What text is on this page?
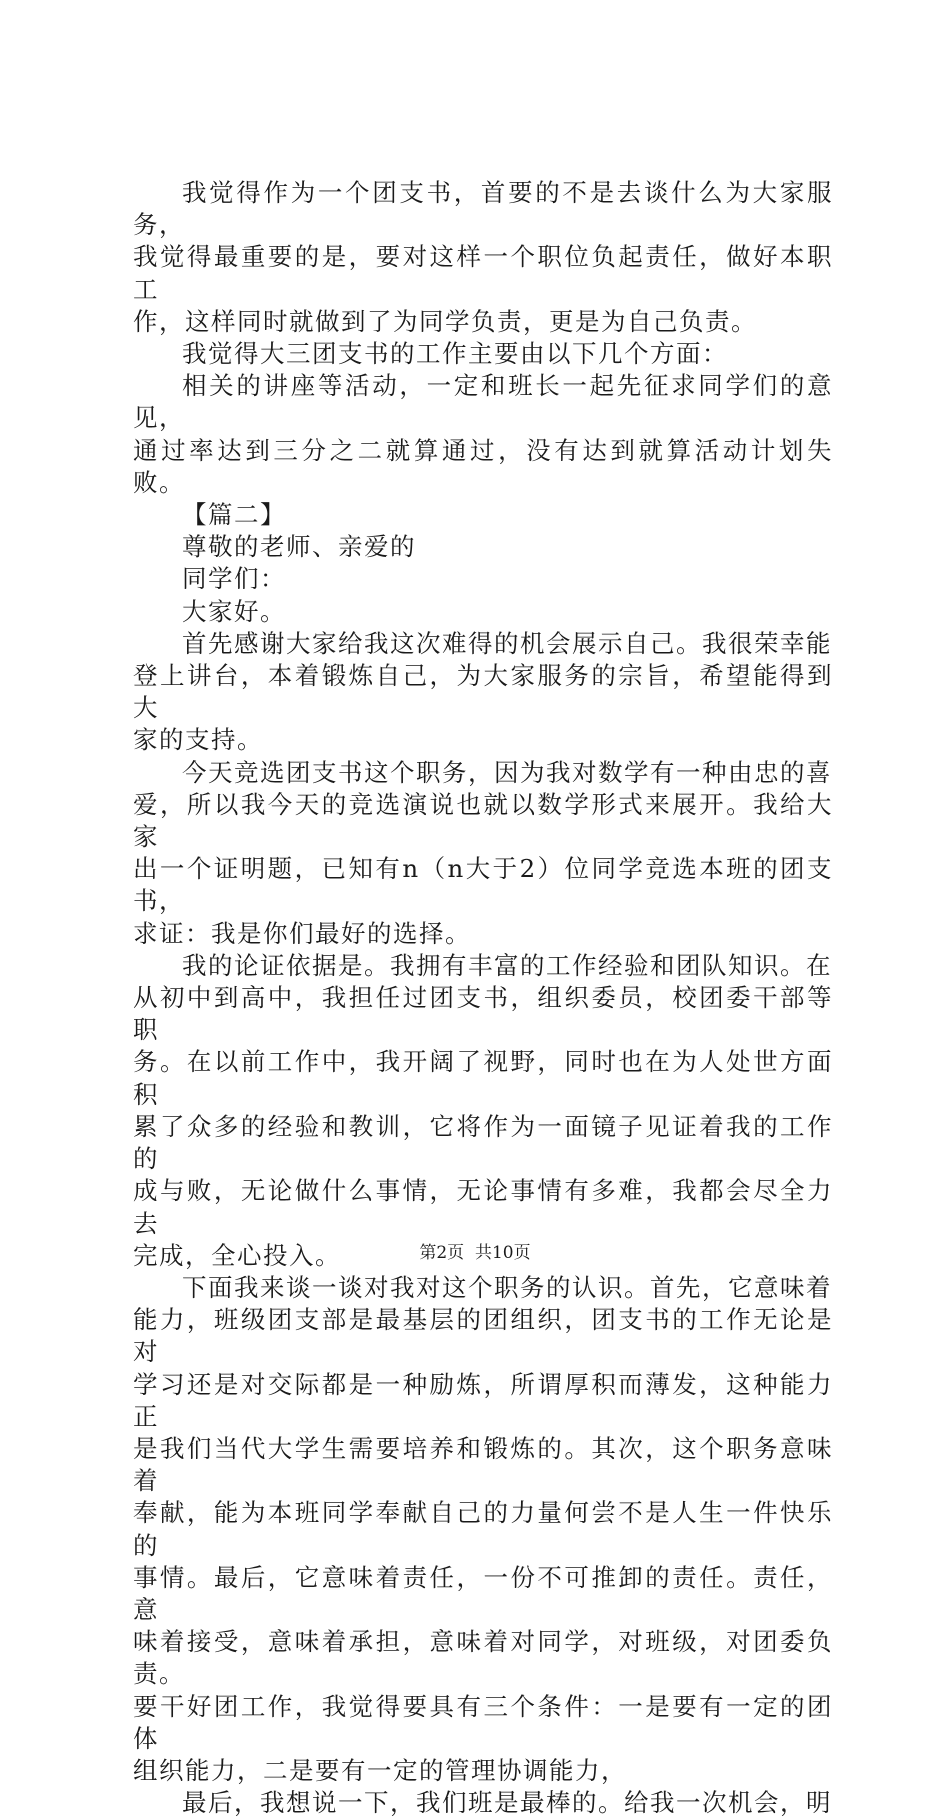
我觉得作为一个团支书，首要的不是去谈什么为大家服务，
我觉得最重要的是，要对这样一个职位负起责任，做好本职工
作，这样同时就做到了为同学负责，更是为自己负责。

我觉得大三团支书的工作主要由以下几个方面：

相关的讲座等活动，一定和班长一起先征求同学们的意见，
通过率达到三分之二就算通过，没有达到就算活动计划失败。

【篇二】

尊敬的老师、亲爱的

同学们：

大家好。

首先感谢大家给我这次难得的机会展示自己。我很荣幸能
登上讲台，本着锻炼自己，为大家服务的宗旨，希望能得到大
家的支持。

今天竞选团支书这个职务，因为我对数学有一种由忠的喜
爱，所以我今天的竞选演说也就以数学形式来展开。我给大家
出一个证明题，已知有n（n大于2）位同学竞选本班的团支书，
求证：我是你们最好的选择。

我的论证依据是。我拥有丰富的工作经验和团队知识。在
从初中到高中，我担任过团支书，组织委员，校团委干部等职
务。在以前工作中，我开阔了视野，同时也在为人处世方面积
累了众多的经验和教训，它将作为一面镜子见证着我的工作的
成与败，无论做什么事情，无论事情有多难，我都会尽全力去
完成，全心投入。

下面我来谈一谈对我对这个职务的认识。首先，它意味着
能力，班级团支部是最基层的团组织，团支书的工作无论是对
学习还是对交际都是一种励炼，所谓厚积而薄发，这种能力正
是我们当代大学生需要培养和锻炼的。其次，这个职务意味着
奉献，能为本班同学奉献自己的力量何尝不是人生一件快乐的
事情。最后，它意味着责任，一份不可推卸的责任。责任，意
味着接受，意味着承担，意味着对同学，对班级，对团委负责。
要干好团工作，我觉得要具有三个条件：一是要有一定的团体
组织能力，二是要有一定的管理协调能力，

最后，我想说一下，我们班是最棒的。给我一次机会，明

第2页  共10页
